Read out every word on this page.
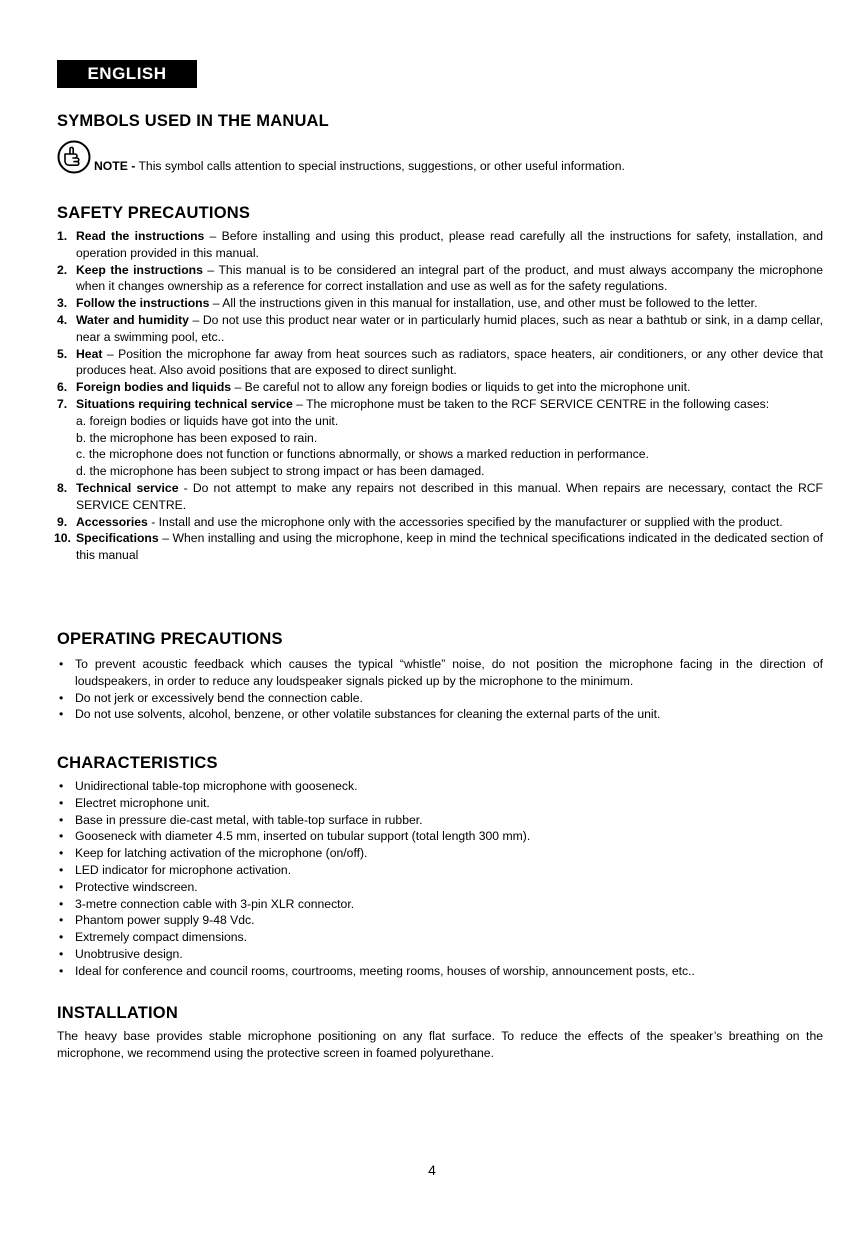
ENGLISH
SYMBOLS USED IN THE MANUAL
NOTE - This symbol calls attention to special instructions, suggestions, or other useful information.
SAFETY PRECAUTIONS
1. Read the instructions – Before installing and using this product, please read carefully all the instructions for safety, installation, and operation provided in this manual.
2. Keep the instructions – This manual is to be considered an integral part of the product, and must always accompany the microphone when it changes ownership as a reference for correct installation and use as well as for the safety regulations.
3. Follow the instructions – All the instructions given in this manual for installation, use, and other must be followed to the letter.
4. Water and humidity – Do not use this product near water or in particularly humid places, such as near a bathtub or sink, in a damp cellar, near a swimming pool, etc..
5. Heat – Position the microphone far away from heat sources such as radiators, space heaters, air conditioners, or any other device that produces heat. Also avoid positions that are exposed to direct sunlight.
6. Foreign bodies and liquids – Be careful not to allow any foreign bodies or liquids to get into the microphone unit.
7. Situations requiring technical service – The microphone must be taken to the RCF SERVICE CENTRE in the following cases:
a. foreign bodies or liquids have got into the unit.
b. the microphone has been exposed to rain.
c. the microphone does not function or functions abnormally, or shows a marked reduction in performance.
d. the microphone has been subject to strong impact or has been damaged.
8. Technical service - Do not attempt to make any repairs not described in this manual. When repairs are necessary, contact the RCF SERVICE CENTRE.
9. Accessories - Install and use the microphone only with the accessories specified by the manufacturer or supplied with the product.
10. Specifications – When installing and using the microphone, keep in mind the technical specifications indicated in the dedicated section of this manual
OPERATING PRECAUTIONS
• To prevent acoustic feedback which causes the typical “whistle” noise, do not position the microphone facing in the direction of loudspeakers, in order to reduce any loudspeaker signals picked up by the microphone to the minimum.
• Do not jerk or excessively bend the connection cable.
• Do not use solvents, alcohol, benzene, or other volatile substances for cleaning the external parts of the unit.
CHARACTERISTICS
• Unidirectional table-top microphone with gooseneck.
• Electret microphone unit.
• Base in pressure die-cast metal, with table-top surface in rubber.
• Gooseneck with diameter 4.5 mm, inserted on tubular support (total length 300 mm).
• Keep for latching activation of the microphone (on/off).
• LED indicator for microphone activation.
• Protective windscreen.
• 3-metre connection cable with 3-pin XLR connector.
• Phantom power supply 9-48 Vdc.
• Extremely compact dimensions.
• Unobtrusive design.
• Ideal for conference and council rooms, courtrooms, meeting rooms, houses of worship, announcement posts, etc..
INSTALLATION
The heavy base provides stable microphone positioning on any flat surface. To reduce the effects of the speaker’s breathing on the microphone, we recommend using the protective screen in foamed polyurethane.
4
